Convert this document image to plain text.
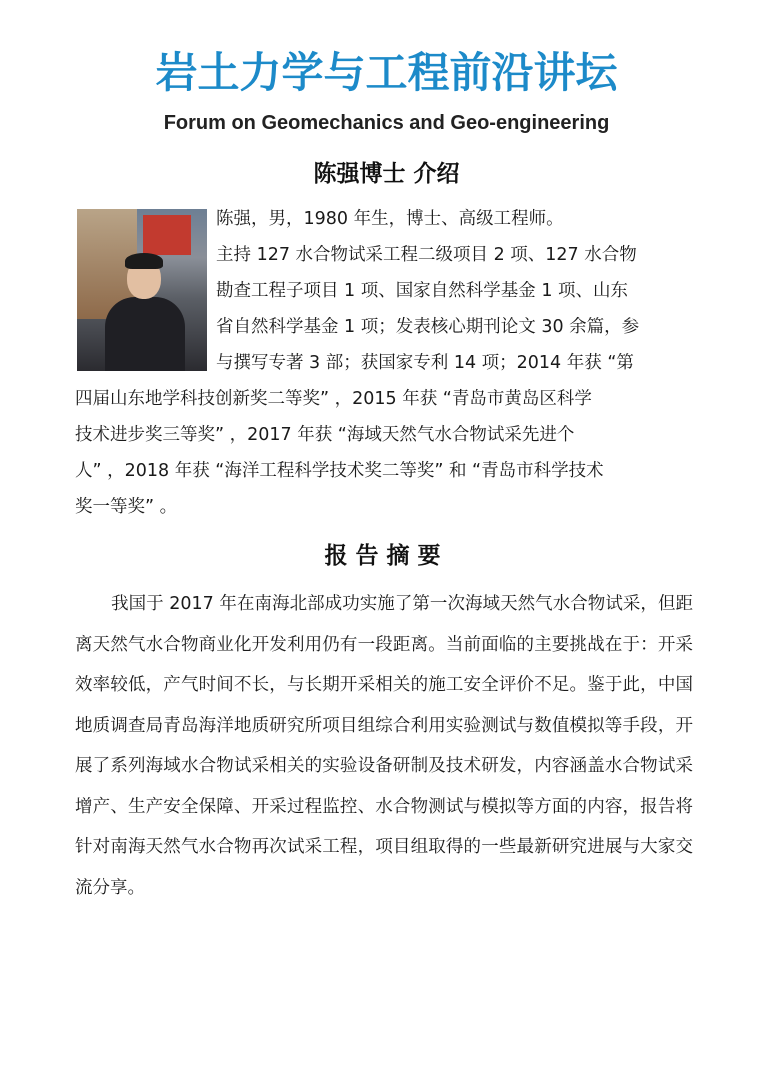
岩土力学与工程前沿讲坛
Forum on Geomechanics and Geo-engineering
陈强博士 介绍
陈强，男，1980 年生，博士、高级工程师。
主持 127 水合物试采工程二级项目 2 项、127 水合物
勘查工程子项目 1 项、国家自然科学基金 1 项、山东
省自然科学基金 1 项；发表核心期刊论文 30 余篇，参
与撰写专著 3 部；获国家专利 14 项；2014 年获 “第
四届山东地学科技创新奖二等奖” ，2015 年获 “青岛市黄岛区科学
技术进步奖三等奖” ，2017 年获 “海域天然气水合物试采先进个
人” ，2018 年获 “海洋工程科学技术奖二等奖” 和 “青岛市科学技术
奖一等奖” 。
报告摘要
我国于 2017 年在南海北部成功实施了第一次海域天然气水合物试采，但距离天然气水合物商业化开发利用仍有一段距离。当前面临的主要挑战在于：开采效率较低，产气时间不长，与长期开采相关的施工安全评价不足。鉴于此，中国地质调查局青岛海洋地质研究所项目组综合利用实验测试与数值模拟等手段，开展了系列海域水合物试采相关的实验设备研制及技术研发，内容涵盖水合物试采增产、生产安全保障、开采过程监控、水合物测试与模拟等方面的内容，报告将针对南海天然气水合物再次试采工程，项目组取得的一些最新研究进展与大家交流分享。
